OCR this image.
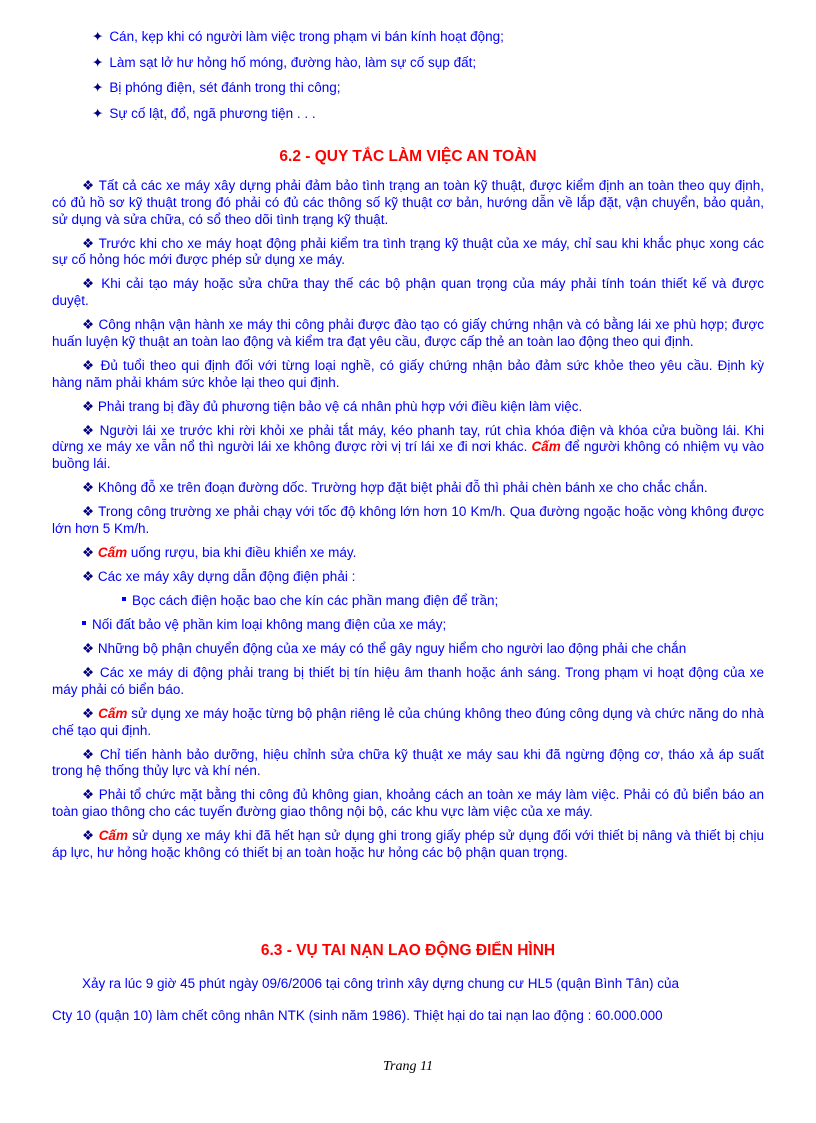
✦ Cán, kẹp khi có người làm việc trong phạm vi bán kính hoạt động;
✦ Làm sạt lở hư hỏng hố móng, đường hào, làm sự cố sụp đất;
✦ Bị phóng điện, sét đánh trong thi công;
✦ Sự cố lật, đổ, ngã phương tiện . . .
6.2 - QUY TẮC LÀM VIỆC AN TOÀN

❖ Tất cả các xe máy xây dựng phải đảm bảo tình trạng an toàn kỹ thuật, được kiểm định an toàn theo quy định, có đủ hồ sơ kỹ thuật trong đó phải có đủ các thông số kỹ thuật cơ bản, hướng dẫn về lắp đặt, vận chuyển, bảo quản, sử dụng và sửa chữa, có sổ theo dõi tình trạng kỹ thuật.

❖ Trước khi cho xe máy hoạt động phải kiểm tra tình trạng kỹ thuật của xe máy, chỉ sau khi khắc phục xong các sự cố hỏng hóc mới được phép sử dụng xe máy.

❖ Khi cải tạo máy hoặc sửa chữa thay thế các bộ phận quan trọng của máy phải tính toán thiết kế và được duyệt.

❖ Công nhận vận hành xe máy thi công phải được đào tạo có giấy chứng nhận và có bằng lái xe phù hợp; được huấn luyện kỹ thuật an toàn lao động và kiểm tra đạt yêu cầu, được cấp thẻ an toàn lao động theo qui định.

❖ Đủ tuổi theo qui định đối với từng loại nghề, có giấy chứng nhận bảo đảm sức khỏe theo yêu cầu. Định kỳ hàng năm phải khám sức khỏe lại theo qui định.

❖ Phải trang bị đầy đủ phương tiện bảo vệ cá nhân phù hợp với điều kiện làm việc.

❖ Người lái xe trước khi rời khỏi xe phải tắt máy, kéo phanh tay, rút chìa khóa điện và khóa cửa buồng lái. Khi dừng xe máy xe vẫn nổ thì người lái xe không được rời vị trí lái xe đi nơi khác. Cấm để người không có nhiệm vụ vào buồng lái.

❖ Không đỗ xe trên đoạn đường dốc. Trường hợp đặt biệt phải đỗ thì phải chèn bánh xe cho chắc chắn.

❖ Trong công trường xe phải chạy với tốc độ không lớn hơn 10 Km/h. Qua đường ngoặc hoặc vòng không được lớn hơn 5 Km/h.

❖ Cấm uống rượu, bia khi điều khiển xe máy.

❖ Các xe máy xây dựng dẫn động điện phải :

Bọc cách điện hoặc bao che kín các phần mang điện để trần;

Nối đất bảo vệ phần kim loại không mang điện của xe máy;

❖ Những bộ phận chuyển động của xe máy có thể gây nguy hiểm cho người lao động phải che chắn

❖ Các xe máy di động phải trang bị thiết bị tín hiệu âm thanh hoặc ánh sáng. Trong phạm vi hoạt động của xe máy phải có biển báo.

❖ Cấm sử dụng xe máy hoặc từng bộ phận riêng lẻ của chúng không theo đúng công dụng và chức năng do nhà chế tạo qui định.

❖ Chỉ tiến hành bảo dưỡng, hiệu chỉnh sửa chữa kỹ thuật xe máy sau khi đã ngừng động cơ, tháo xả áp suất trong hệ thống thủy lực và khí nén.

❖ Phải tổ chức mặt bằng thi công đủ không gian, khoảng cách an toàn xe máy làm việc. Phải có đủ biển báo an toàn giao thông cho các tuyến đường giao thông nội bộ, các khu vực làm việc của xe máy.

❖ Cấm sử dụng xe máy khi đã hết hạn sử dụng ghi trong giấy phép sử dụng đối với thiết bị nâng và thiết bị chịu áp lực, hư hỏng hoặc không có thiết bị an toàn hoặc hư hỏng các bộ phận quan trọng.

6.3 - VỤ TAI NẠN LAO ĐỘNG ĐIỂN HÌNH

Xảy ra lúc 9 giờ 45 phút ngày 09/6/2006 tại công trình xây dựng chung cư HL5 (quận Bình Tân) của

Cty 10 (quận 10) làm chết công nhân NTK (sinh năm 1986). Thiệt hại do tai nạn lao động : 60.000.000

Trang 11
